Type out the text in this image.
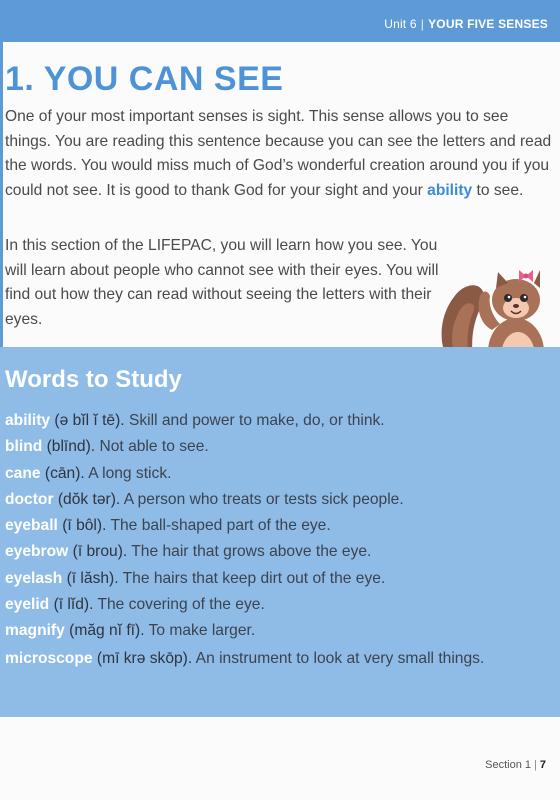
Unit 6 | YOUR FIVE SENSES
1. YOU CAN SEE

One of your most important senses is sight. This sense allows you to see things. You are reading this sentence because you can see the letters and read the words. You would miss much of God’s wonderful creation around you if you could not see. It is good to thank God for your sight and your ability to see.

In this section of the LIFEPAC, you will learn how you see. You will learn about people who cannot see with their eyes. You will find out how they can read without seeing the letters with their eyes.

Words to Study
ability (ə bĭl ĭ tē). Skill and power to make, do, or think.
blind (blīnd). Not able to see.
cane (cān). A long stick.
doctor (dŏk tər). A person who treats or tests sick people.
eyeball (ī bôl). The ball-shaped part of the eye.
eyebrow (ī brou). The hair that grows above the eye.
eyelash (ī lăsh). The hairs that keep dirt out of the eye.
eyelid (ī lĭd). The covering of the eye.
magnify (măg nĭ fī). To make larger.
microscope (mī krə skōp). An instrument to look at very small things.
Section 1 | 7
